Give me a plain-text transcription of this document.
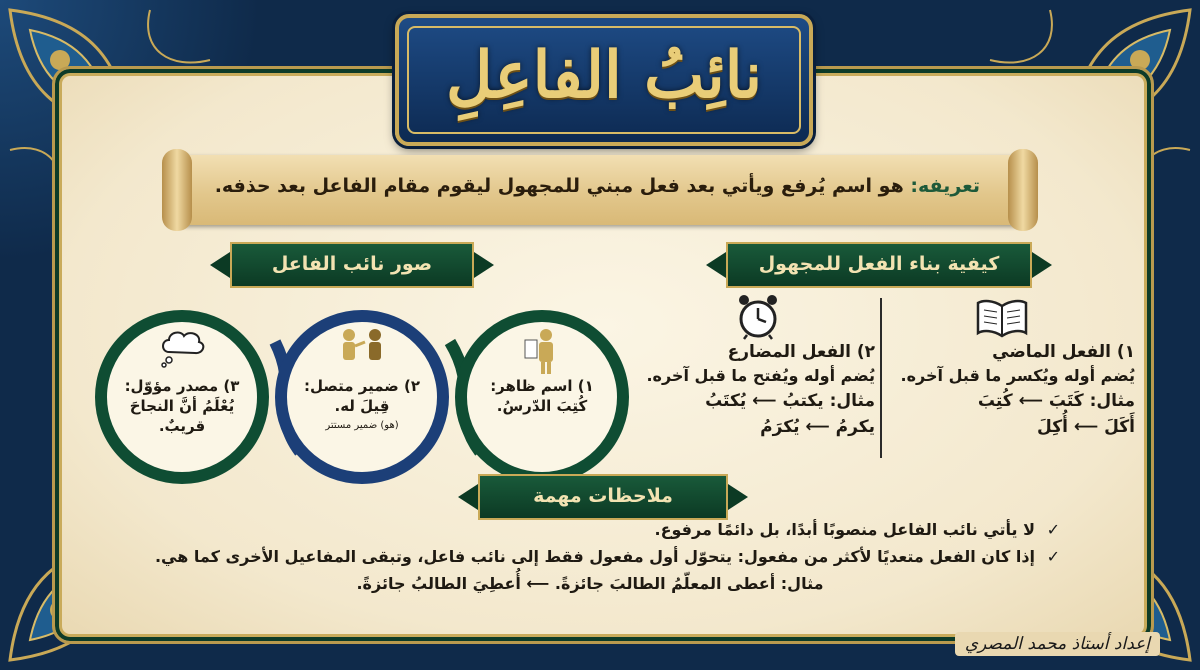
نائِبُ الفاعِلِ
تعريفه: هو اسم يُرفع ويأتي بعد فعل مبني للمجهول ليقوم مقام الفاعل بعد حذفه.
كيفية بناء الفعل للمجهول
صور نائب الفاعل
١) الفعل الماضي
يُضم أوله ويُكسر ما قبل آخره.
مثال: كَتَبَ ⟵ كُتِبَ
أَكَلَ ⟵ أُكِلَ
٢) الفعل المضارع
يُضم أوله ويُفتح ما قبل آخره.
مثال: يكتبُ ⟵ يُكتَبُ
يكرمُ ⟵ يُكرَمُ
١) اسم ظاهر:
كُتِبَ الدّرسُ.
٢) ضمير متصل:
قِيلَ له.
(هو) ضمير مستتر
٣) مصدر مؤوّل:
يُعْلَمُ أنَّ النجاحَ
قريبٌ.
ملاحظات مهمة
✓ لا يأتي نائب الفاعل منصوبًا أبدًا، بل دائمًا مرفوع.
✓ إذا كان الفعل متعديًا لأكثر من مفعول: يتحوّل أول مفعول فقط إلى نائب فاعل، وتبقى المفاعيل الأخرى كما هي.
مثال: أعطى المعلّمُ الطالبَ جائزةً. ⟵ أُعطِيَ الطالبُ جائزةً.
إعداد أستاذ محمد المصري
